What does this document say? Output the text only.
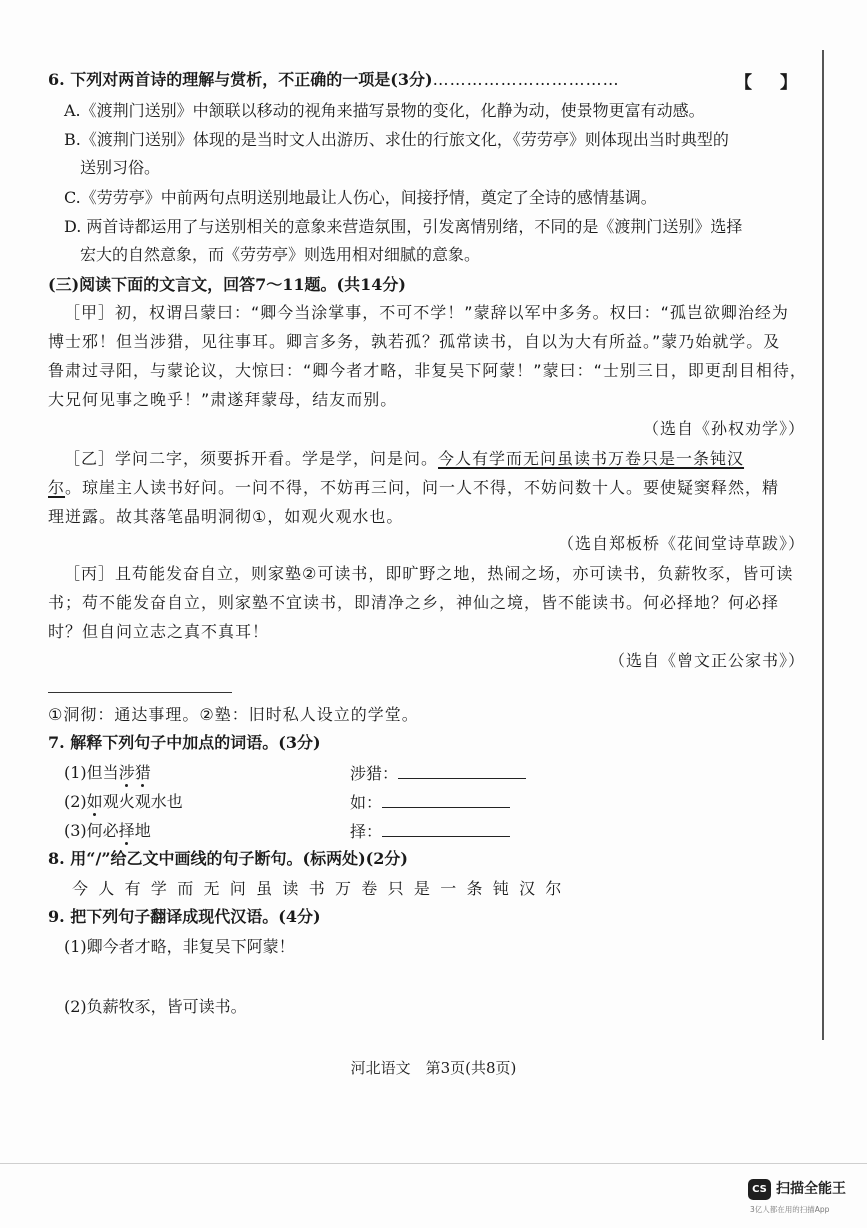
6. 下列对两首诗的理解与赏析，不正确的一项是(3分)……………………………	【 】
A.《渡荆门送别》中颔联以移动的视角来描写景物的变化，化静为动，使景物更富有动感。
B.《渡荆门送别》体现的是当时文人出游历、求仕的行旅文化，《劳劳亭》则体现出当时典型的
送别习俗。
C.《劳劳亭》中前两句点明送别地最让人伤心，间接抒情，奠定了全诗的感情基调。
D. 两首诗都运用了与送别相关的意象来营造氛围，引发离情别绪，不同的是《渡荆门送别》选择
宏大的自然意象，而《劳劳亭》则选用相对细腻的意象。
(三)阅读下面的文言文，回答7～11题。(共14分)
［甲］初，权谓吕蒙曰：“卿今当涂掌事，不可不学！”蒙辞以军中多务。权曰：“孤岂欲卿治经为
博士邪！但当涉猎，见往事耳。卿言多务，孰若孤？孤常读书，自以为大有所益。”蒙乃始就学。及
鲁肃过寻阳，与蒙论议，大惊曰：“卿今者才略，非复吴下阿蒙！”蒙曰：“士别三日，即更刮目相待，
大兄何见事之晚乎！”肃遂拜蒙母，结友而别。
（选自《孙权劝学》）
［乙］学问二字，须要拆开看。学是学，问是问。今人有学而无问虽读书万卷只是一条钝汉
尔。琼崖主人读书好问。一问不得，不妨再三问，问一人不得，不妨问数十人。要使疑窦释然，精
理迸露。故其落笔晶明洞彻①，如观火观水也。
（选自郑板桥《花间堂诗草跋》）
［丙］且苟能发奋自立，则家塾②可读书，即旷野之地，热闹之场，亦可读书，负薪牧豕，皆可读
书；苟不能发奋自立，则家塾不宜读书，即清净之乡，神仙之境，皆不能读书。何必择地？何必择
时？但自问立志之真不真耳！
（选自《曾文正公家书》）
①洞彻：通达事理。②塾：旧时私人设立的学堂。
7. 解释下列句子中加点的词语。(3分)
(1)但当涉猎	涉猎：
(2)如观火观水也	如：
(3)何必择地	择：
8. 用“/”给乙文中画线的句子断句。(标两处)(2分)
今人有学而无问虽读书万卷只是一条钝汉尔
9. 把下列句子翻译成现代汉语。(4分)
(1)卿今者才略，非复吴下阿蒙！
(2)负薪牧豕，皆可读书。
河北语文　第3页(共8页)
CS 扫描全能王
3亿人都在用的扫描App
